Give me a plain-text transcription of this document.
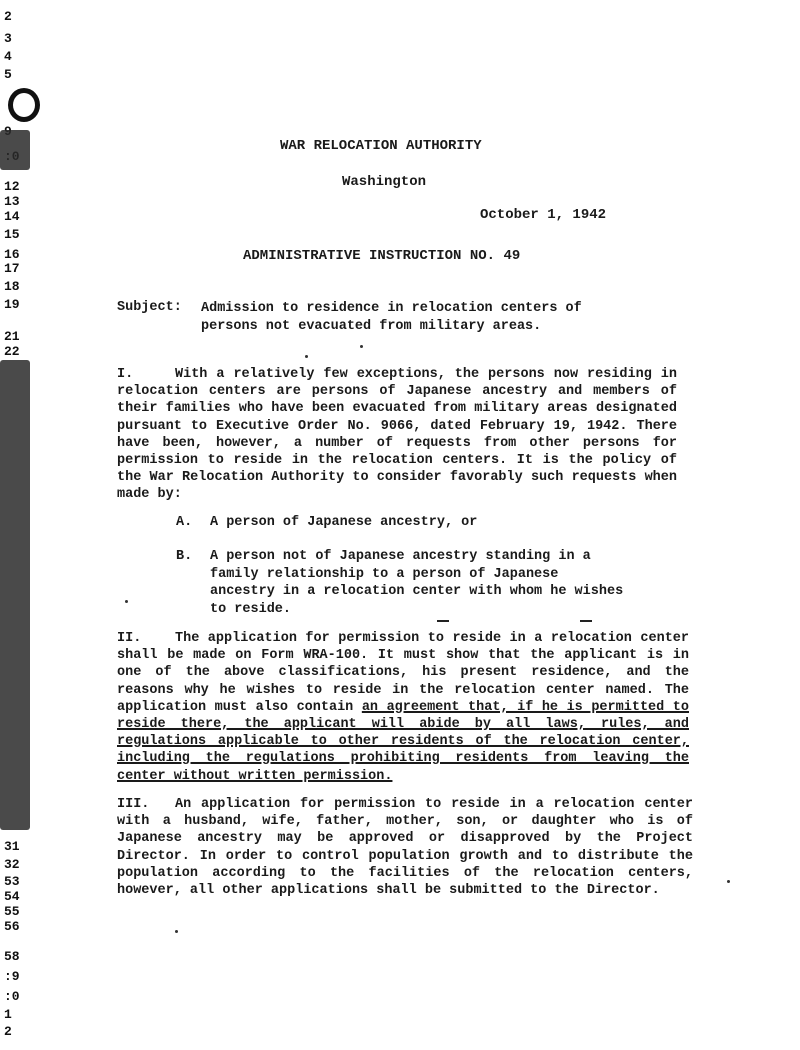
2
3
4
5
12
13
14
15
16
17
18
19
21
22
31
32
53
54
55
56
58
:9
:0
1
2
WAR RELOCATION AUTHORITY
Washington
October 1, 1942
ADMINISTRATIVE INSTRUCTION NO. 49
Subject: Admission to residence in relocation centers of persons not evacuated from military areas.
I.	With a relatively few exceptions, the persons now residing in relocation centers are persons of Japanese ancestry and members of their families who have been evacuated from military areas designated pursuant to Executive Order No. 9066, dated February 19, 1942. There have been, however, a number of requests from other persons for permission to reside in the relocation centers. It is the policy of the War Relocation Authority to consider favorably such requests when made by:
A. A person of Japanese ancestry, or
B. A person not of Japanese ancestry standing in a family relationship to a person of Japanese ancestry in a relocation center with whom he wishes to reside.
II. The application for permission to reside in a relocation center shall be made on Form WRA-100. It must show that the applicant is in one of the above classifications, his present residence, and the reasons why he wishes to reside in the relocation center named. The application must also contain an agreement that, if he is permitted to reside there, the applicant will abide by all laws, rules, and regulations applicable to other residents of the relocation center, including the regulations prohibiting residents from leaving the center without written permission.
III. An application for permission to reside in a relocation center with a husband, wife, father, mother, son, or daughter who is of Japanese ancestry may be approved or disapproved by the Project Director. In order to control population growth and to distribute the population according to the facilities of the relocation centers, however, all other applications shall be submitted to the Director.
